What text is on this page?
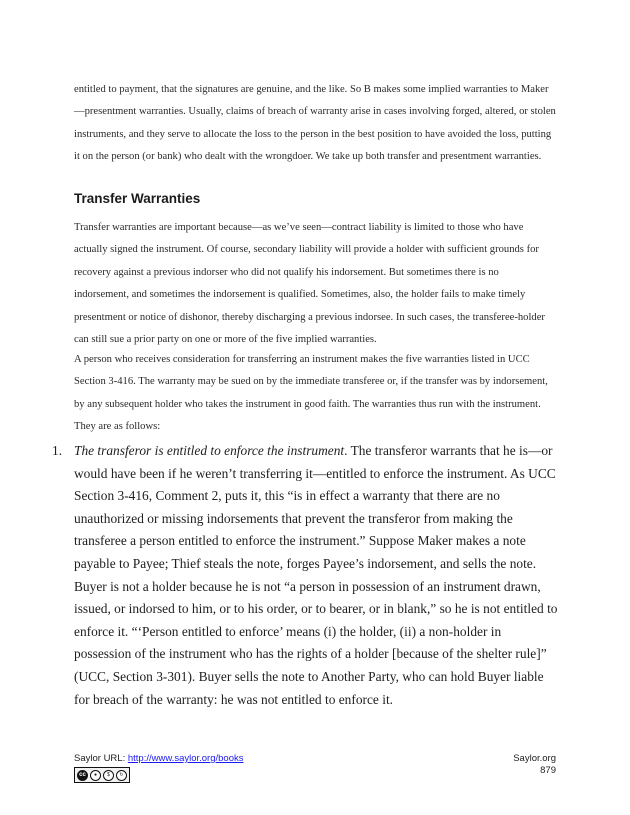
entitled to payment, that the signatures are genuine, and the like. So B makes some implied warranties to Maker—presentment warranties. Usually, claims of breach of warranty arise in cases involving forged, altered, or stolen instruments, and they serve to allocate the loss to the person in the best position to have avoided the loss, putting it on the person (or bank) who dealt with the wrongdoer. We take up both transfer and presentment warranties.

Transfer Warranties

Transfer warranties are important because—as we’ve seen—contract liability is limited to those who have actually signed the instrument. Of course, secondary liability will provide a holder with sufficient grounds for recovery against a previous indorser who did not qualify his indorsement. But sometimes there is no indorsement, and sometimes the indorsement is qualified. Sometimes, also, the holder fails to make timely presentment or notice of dishonor, thereby discharging a previous indorsee. In such cases, the transferee-holder can still sue a prior party on one or more of the five implied warranties.

A person who receives consideration for transferring an instrument makes the five warranties listed in UCC Section 3-416. The warranty may be sued on by the immediate transferee or, if the transfer was by indorsement, by any subsequent holder who takes the instrument in good faith. The warranties thus run with the instrument. They are as follows:

1. The transferor is entitled to enforce the instrument. The transferor warrants that he is—or would have been if he weren’t transferring it—entitled to enforce the instrument. As UCC Section 3-416, Comment 2, puts it, this “is in effect a warranty that there are no unauthorized or missing indorsements that prevent the transferor from making the transferee a person entitled to enforce the instrument.” Suppose Maker makes a note payable to Payee; Thief steals the note, forges Payee’s indorsement, and sells the note. Buyer is not a holder because he is not “a person in possession of an instrument drawn, issued, or indorsed to him, or to his order, or to bearer, or in blank,” so he is not entitled to enforce it. “‘Person entitled to enforce’ means (i) the holder, (ii) a non-holder in possession of the instrument who has the rights of a holder [because of the shelter rule]” (UCC, Section 3-301). Buyer sells the note to Another Party, who can hold Buyer liable for breach of the warranty: he was not entitled to enforce it.
Saylor URL: http://www.saylor.org/books
cc	●	$	↻
Saylor.org
879
